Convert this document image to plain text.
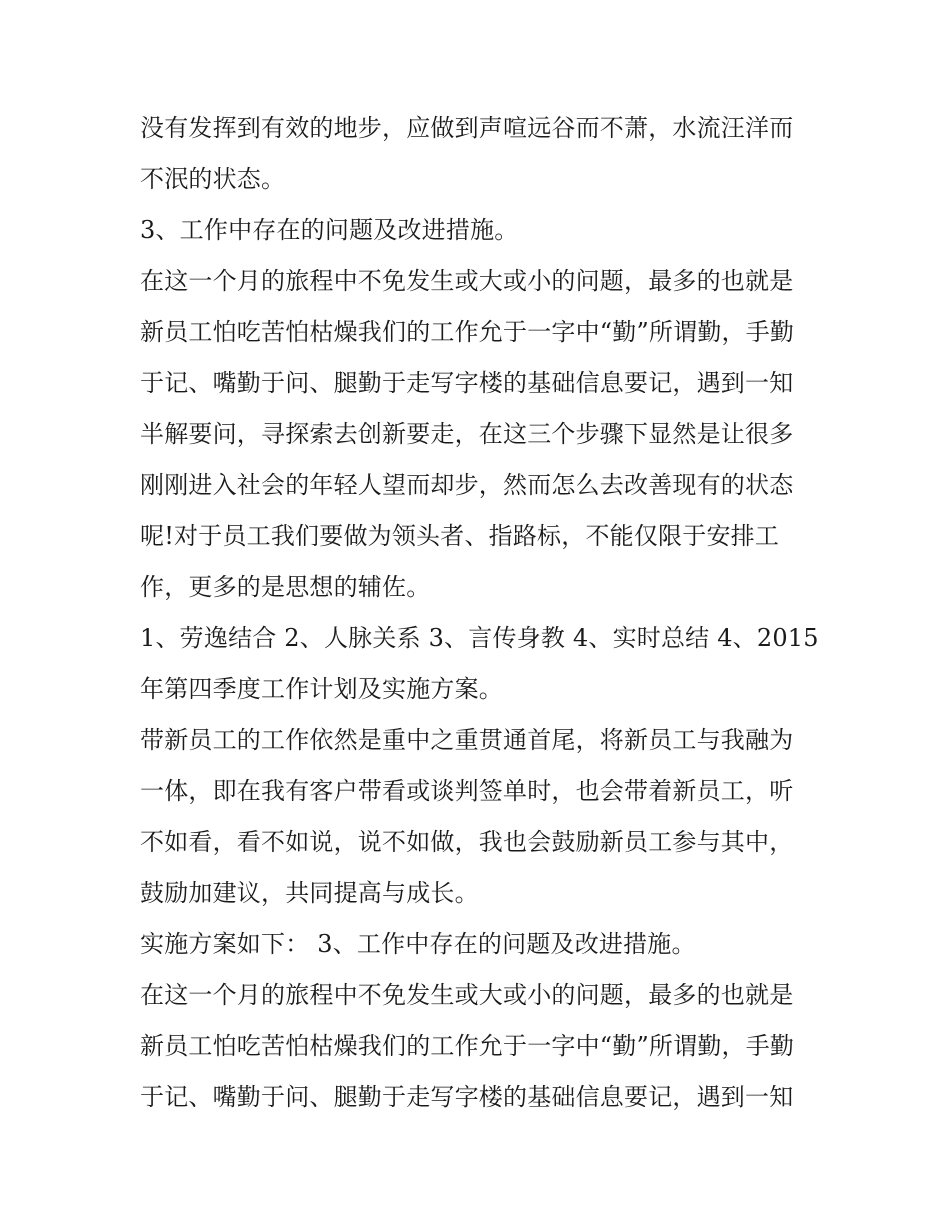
没有发挥到有效的地步，应做到声喧远谷而不萧，水流汪洋而
不泯的状态。
3、工作中存在的问题及改进措施。
在这一个月的旅程中不免发生或大或小的问题，最多的也就是
新员工怕吃苦怕枯燥我们的工作允于一字中“勤”所谓勤，手勤
于记、嘴勤于问、腿勤于走写字楼的基础信息要记，遇到一知
半解要问，寻探索去创新要走，在这三个步骤下显然是让很多
刚刚进入社会的年轻人望而却步，然而怎么去改善现有的状态
呢!对于员工我们要做为领头者、指路标，不能仅限于安排工
作，更多的是思想的辅佐。
1、劳逸结合 2、人脉关系 3、言传身教 4、实时总结 4、2015
年第四季度工作计划及实施方案。
带新员工的工作依然是重中之重贯通首尾，将新员工与我融为
一体，即在我有客户带看或谈判签单时，也会带着新员工，听
不如看，看不如说，说不如做，我也会鼓励新员工参与其中，
鼓励加建议，共同提高与成长。
实施方案如下： 3、工作中存在的问题及改进措施。
在这一个月的旅程中不免发生或大或小的问题，最多的也就是
新员工怕吃苦怕枯燥我们的工作允于一字中“勤”所谓勤，手勤
于记、嘴勤于问、腿勤于走写字楼的基础信息要记，遇到一知
